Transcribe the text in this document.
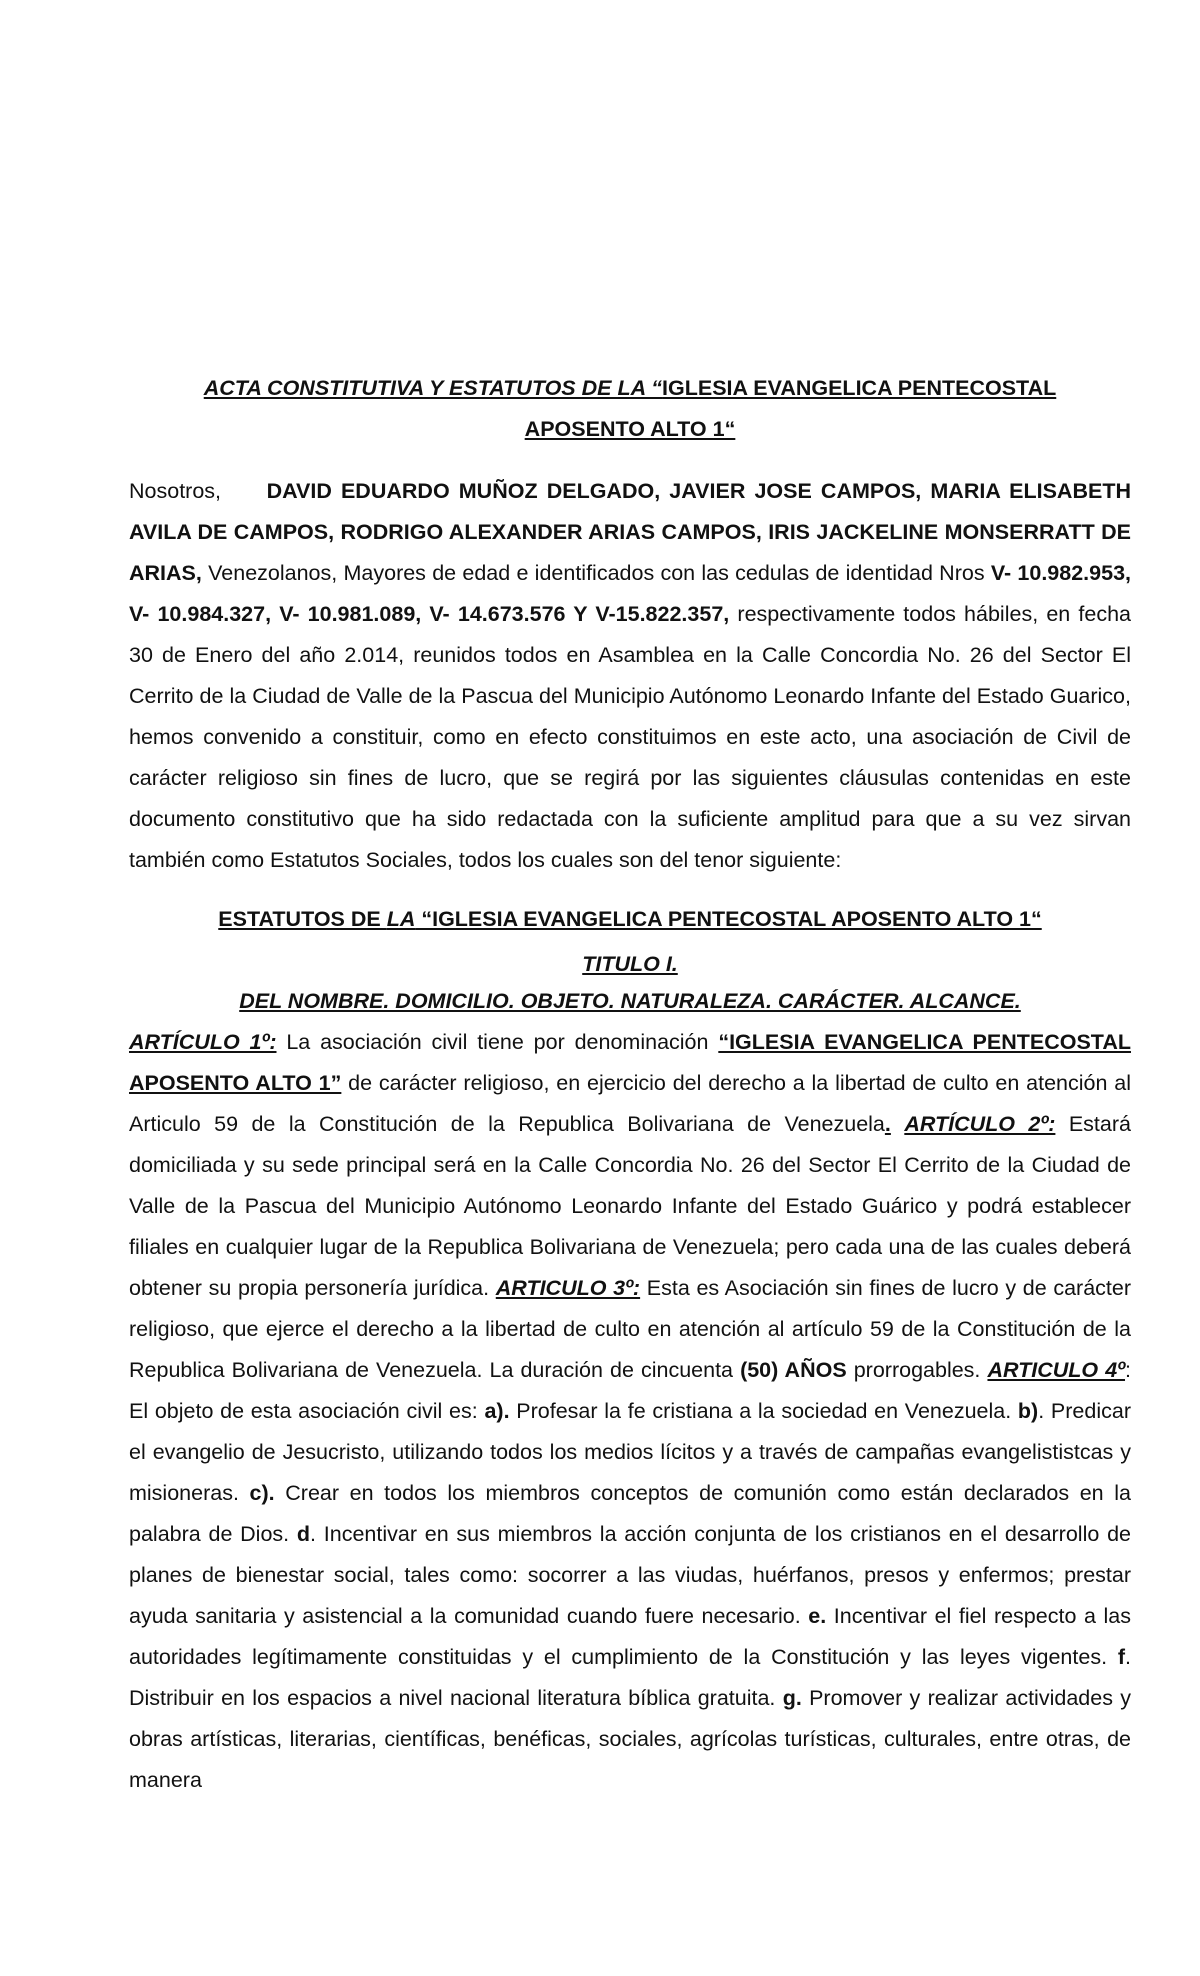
ACTA CONSTITUTIVA Y ESTATUTOS DE LA “IGLESIA EVANGELICA PENTECOSTAL

APOSENTO ALTO 1“

Nosotros,     DAVID EDUARDO MUÑOZ DELGADO, JAVIER JOSE CAMPOS, MARIA ELISABETH AVILA DE CAMPOS, RODRIGO ALEXANDER ARIAS CAMPOS, IRIS JACKELINE MONSERRATT DE ARIAS, Venezolanos, Mayores de edad e identificados con las cedulas de identidad Nros V- 10.982.953, V- 10.984.327, V- 10.981.089, V- 14.673.576 Y V-15.822.357, respectivamente todos hábiles, en fecha 30 de Enero del año 2.014, reunidos todos en Asamblea en la Calle Concordia No. 26 del Sector El Cerrito de la Ciudad de Valle de la Pascua del Municipio Autónomo Leonardo Infante del Estado Guarico, hemos convenido a constituir, como en efecto constituimos en este acto, una asociación de Civil de carácter religioso sin fines de lucro, que se regirá por las siguientes cláusulas contenidas en este documento constitutivo que ha sido redactada con la suficiente amplitud para que a su vez sirvan también como Estatutos Sociales, todos los cuales son del tenor siguiente:

ESTATUTOS DE LA “IGLESIA EVANGELICA PENTECOSTAL APOSENTO ALTO 1“

TITULO I.

DEL NOMBRE. DOMICILIO. OBJETO. NATURALEZA. CARÁCTER. ALCANCE.

ARTÍCULO 1º: La asociación civil tiene por denominación “IGLESIA EVANGELICA PENTECOSTAL APOSENTO ALTO 1” de carácter religioso, en ejercicio del derecho a la libertad de culto en atención al Articulo 59 de la Constitución de la Republica Bolivariana de Venezuela. ARTÍCULO 2º: Estará domiciliada y su sede principal será en la Calle Concordia No. 26 del Sector El Cerrito de la Ciudad de Valle de la Pascua del Municipio Autónomo Leonardo Infante del Estado Guárico y podrá establecer filiales en cualquier lugar de la Republica Bolivariana de Venezuela; pero cada una de las cuales deberá obtener su propia personería jurídica. ARTICULO 3º: Esta es Asociación sin fines de lucro y de carácter religioso, que ejerce el derecho a la libertad de culto en atención al artículo 59 de la Constitución de la Republica Bolivariana de Venezuela. La duración de cincuenta (50) AÑOS prorrogables. ARTICULO 4º: El objeto de esta asociación civil es: a). Profesar la fe cristiana a la sociedad en Venezuela. b). Predicar el evangelio de Jesucristo, utilizando todos los medios lícitos y a través de campañas evangelististcas y misioneras. c). Crear en todos los miembros conceptos de comunión como están declarados en la palabra de Dios. d. Incentivar en sus miembros la acción conjunta de los cristianos en el desarrollo de planes de bienestar social, tales como: socorrer a las viudas, huérfanos, presos y enfermos; prestar ayuda sanitaria y asistencial a la comunidad cuando fuere necesario. e. Incentivar el fiel respecto a las autoridades legítimamente constituidas y el cumplimiento de la Constitución y las leyes vigentes. f. Distribuir en los espacios a nivel nacional literatura bíblica gratuita. g. Promover y realizar actividades y obras artísticas, literarias, científicas, benéficas, sociales, agrícolas turísticas, culturales, entre otras, de manera
